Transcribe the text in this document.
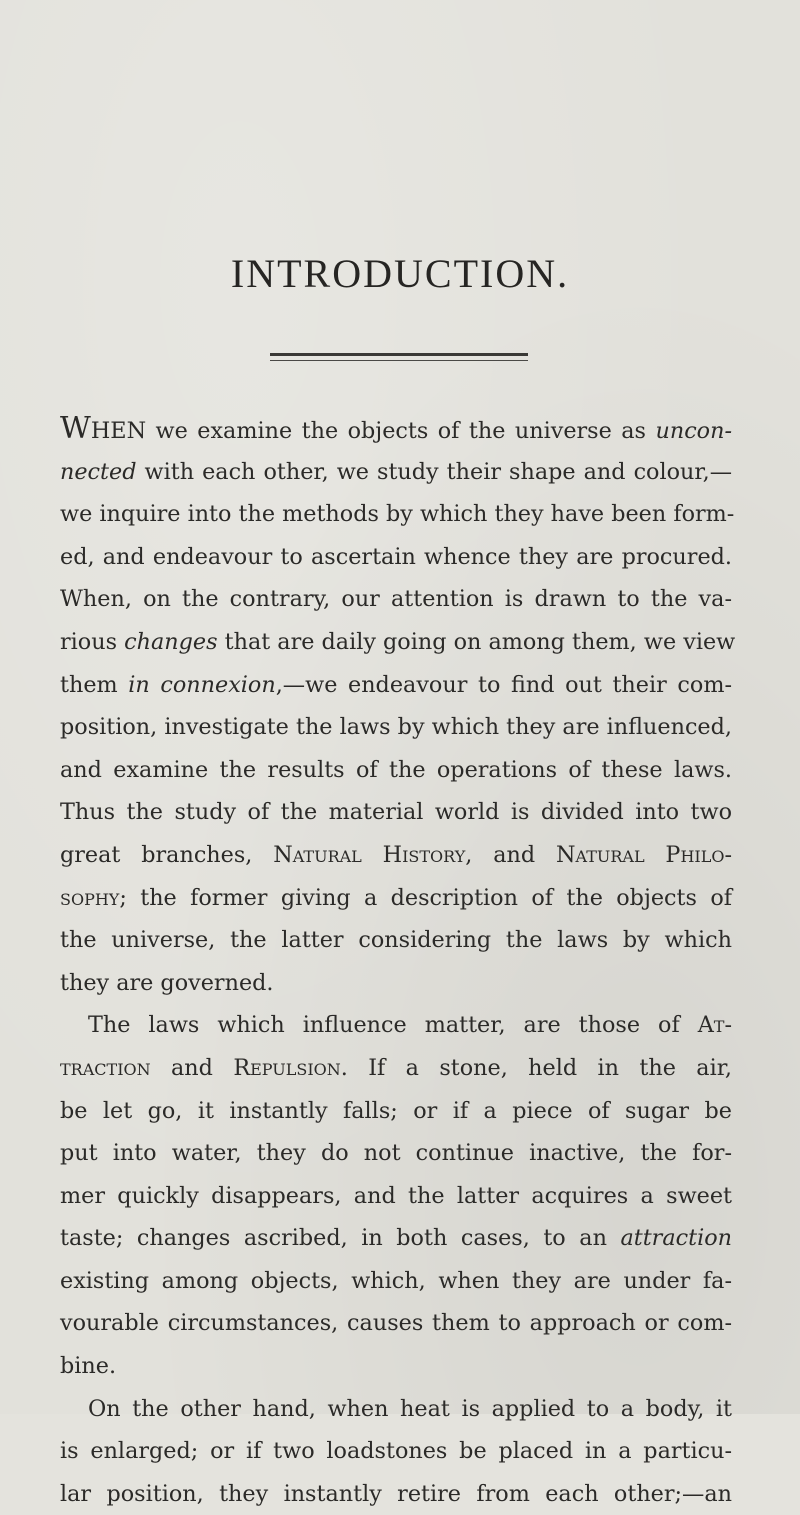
INTRODUCTION.
WHEN we examine the objects of the universe as uncon-
nected with each other, we study their shape and colour,—
we inquire into the methods by which they have been form-
ed, and endeavour to ascertain whence they are procured.
When, on the contrary, our attention is drawn to the va-
rious changes that are daily going on among them, we view
them in connexion,—we endeavour to find out their com-
position, investigate the laws by which they are influenced,
and examine the results of the operations of these laws.
Thus the study of the material world is divided into two
great branches, Natural History, and Natural Philo-
sophy; the former giving a description of the objects of
the universe, the latter considering the laws by which
they are governed.
The laws which influence matter, are those of At-
traction and Repulsion. If a stone, held in the air,
be let go, it instantly falls; or if a piece of sugar be
put into water, they do not continue inactive, the for-
mer quickly disappears, and the latter acquires a sweet
taste; changes ascribed, in both cases, to an attraction
existing among objects, which, when they are under fa-
vourable circumstances, causes them to approach or com-
bine.
On the other hand, when heat is applied to a body, it
is enlarged; or if two loadstones be placed in a particu-
lar position, they instantly retire from each other;—an
